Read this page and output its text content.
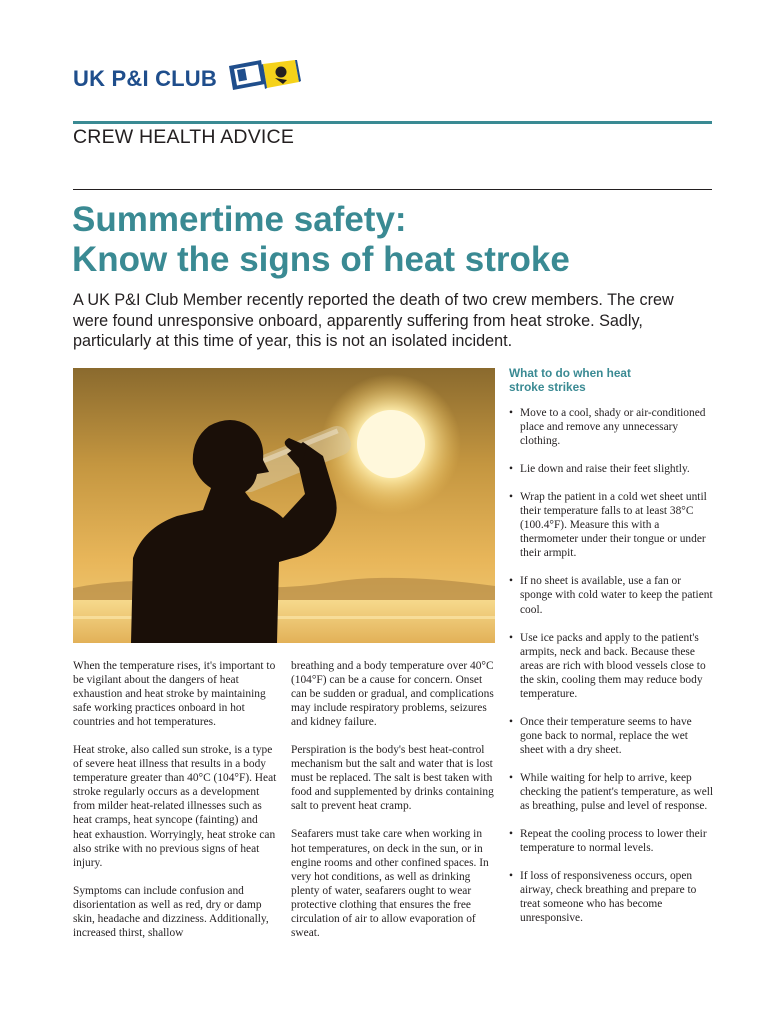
UK P&I CLUB
CREW HEALTH ADVICE
Summertime safety:
Know the signs of heat stroke

A UK P&I Club Member recently reported the death of two crew members. The crew were found unresponsive onboard, apparently suffering from heat stroke. Sadly, particularly at this time of year, this is not an isolated incident.

When the temperature rises, it's important to be vigilant about the dangers of heat exhaustion and heat stroke by maintaining safe working practices onboard in hot countries and hot temperatures.

Heat stroke, also called sun stroke, is a type of severe heat illness that results in a body temperature greater than 40°C (104°F). Heat stroke regularly occurs as a development from milder heat-related illnesses such as heat cramps, heat syncope (fainting) and heat exhaustion. Worryingly, heat stroke can also strike with no previous signs of heat injury.

Symptoms can include confusion and disorientation as well as red, dry or damp skin, headache and dizziness. Additionally, increased thirst, shallow

breathing and a body temperature over 40°C (104°F) can be a cause for concern. Onset can be sudden or gradual, and complications may include respiratory problems, seizures and kidney failure.

Perspiration is the body's best heat-control mechanism but the salt and water that is lost must be replaced. The salt is best taken with food and supplemented by drinks containing salt to prevent heat cramp.

Seafarers must take care when working in hot temperatures, on deck in the sun, or in engine rooms and other confined spaces. In very hot conditions, as well as drinking plenty of water, seafarers ought to wear protective clothing that ensures the free circulation of air to allow evaporation of sweat.

What to do when heat stroke strikes
• Move to a cool, shady or air-conditioned place and remove any unnecessary clothing.
• Lie down and raise their feet slightly.
• Wrap the patient in a cold wet sheet until their temperature falls to at least 38°C (100.4°F). Measure this with a thermometer under their tongue or under their armpit.
• If no sheet is available, use a fan or sponge with cold water to keep the patient cool.
• Use ice packs and apply to the patient's armpits, neck and back. Because these areas are rich with blood vessels close to the skin, cooling them may reduce body temperature.
• Once their temperature seems to have gone back to normal, replace the wet sheet with a dry sheet.
• While waiting for help to arrive, keep checking the patient's temperature, as well as breathing, pulse and level of response.
• Repeat the cooling process to lower their temperature to normal levels.
• If loss of responsiveness occurs, open airway, check breathing and prepare to treat someone who has become unresponsive.
